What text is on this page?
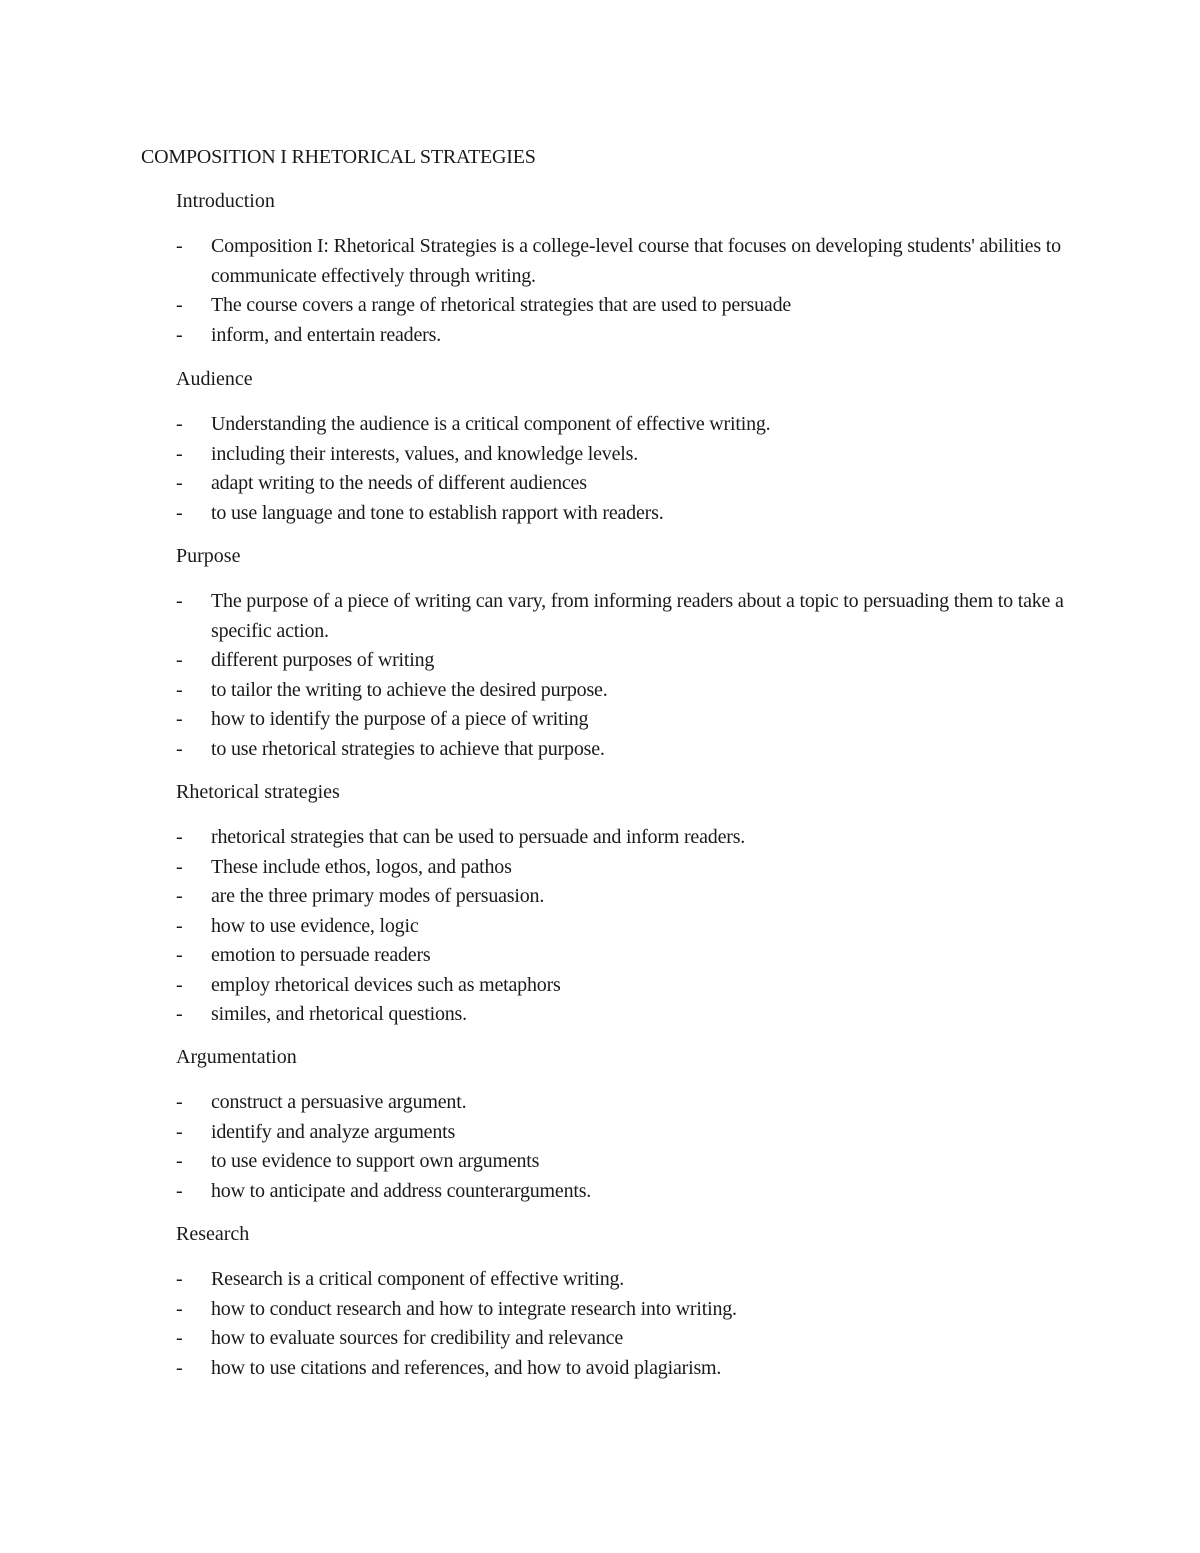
COMPOSITION I RHETORICAL STRATEGIES
Introduction
-	Composition I: Rhetorical Strategies is a college-level course that focuses on developing students' abilities to communicate effectively through writing.
-	The course covers a range of rhetorical strategies that are used to persuade
-	inform, and entertain readers.
Audience
-	Understanding the audience is a critical component of effective writing.
-	including their interests, values, and knowledge levels.
-	adapt writing to the needs of different audiences
-	to use language and tone to establish rapport with readers.
Purpose
-	The purpose of a piece of writing can vary, from informing readers about a topic to persuading them to take a specific action.
-	different purposes of writing
-	to tailor the writing to achieve the desired purpose.
-	how to identify the purpose of a piece of writing
-	to use rhetorical strategies to achieve that purpose.
Rhetorical strategies
-	rhetorical strategies that can be used to persuade and inform readers.
-	These include ethos, logos, and pathos
-	are the three primary modes of persuasion.
-	how to use evidence, logic
-	emotion to persuade readers
-	employ rhetorical devices such as metaphors
-	similes, and rhetorical questions.
Argumentation
-	construct a persuasive argument.
-	identify and analyze arguments
-	to use evidence to support own arguments
-	how to anticipate and address counterarguments.
Research
-	Research is a critical component of effective writing.
-	how to conduct research and how to integrate research into writing.
-	how to evaluate sources for credibility and relevance
-	how to use citations and references, and how to avoid plagiarism.
